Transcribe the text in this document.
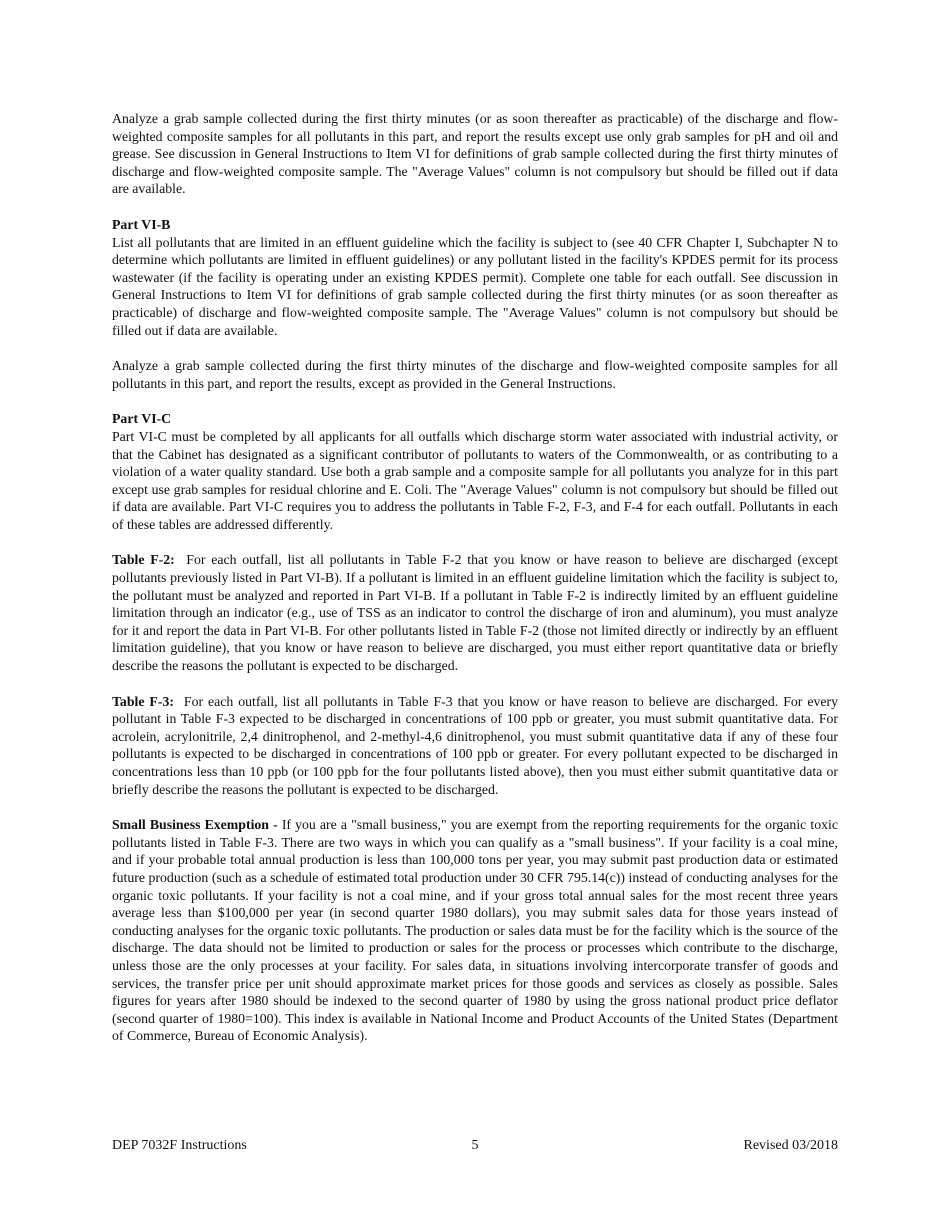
Analyze a grab sample collected during the first thirty minutes (or as soon thereafter as practicable) of the discharge and flow-weighted composite samples for all pollutants in this part, and report the results except use only grab samples for pH and oil and grease. See discussion in General Instructions to Item VI for definitions of grab sample collected during the first thirty minutes of discharge and flow-weighted composite sample. The "Average Values" column is not compulsory but should be filled out if data are available.

Part VI-B

List all pollutants that are limited in an effluent guideline which the facility is subject to (see 40 CFR Chapter I, Subchapter N to determine which pollutants are limited in effluent guidelines) or any pollutant listed in the facility's KPDES permit for its process wastewater (if the facility is operating under an existing KPDES permit). Complete one table for each outfall. See discussion in General Instructions to Item VI for definitions of grab sample collected during the first thirty minutes (or as soon thereafter as practicable) of discharge and flow-weighted composite sample. The "Average Values" column is not compulsory but should be filled out if data are available.

Analyze a grab sample collected during the first thirty minutes of the discharge and flow-weighted composite samples for all pollutants in this part, and report the results, except as provided in the General Instructions.

Part VI-C

Part VI-C must be completed by all applicants for all outfalls which discharge storm water associated with industrial activity, or that the Cabinet has designated as a significant contributor of pollutants to waters of the Commonwealth, or as contributing to a violation of a water quality standard. Use both a grab sample and a composite sample for all pollutants you analyze for in this part except use grab samples for residual chlorine and E. Coli. The "Average Values" column is not compulsory but should be filled out if data are available. Part VI-C requires you to address the pollutants in Table F-2, F-3, and F-4 for each outfall. Pollutants in each of these tables are addressed differently.

Table F-2: For each outfall, list all pollutants in Table F-2 that you know or have reason to believe are discharged (except pollutants previously listed in Part VI-B). If a pollutant is limited in an effluent guideline limitation which the facility is subject to, the pollutant must be analyzed and reported in Part VI-B. If a pollutant in Table F-2 is indirectly limited by an effluent guideline limitation through an indicator (e.g., use of TSS as an indicator to control the discharge of iron and aluminum), you must analyze for it and report the data in Part VI-B. For other pollutants listed in Table F-2 (those not limited directly or indirectly by an effluent limitation guideline), that you know or have reason to believe are discharged, you must either report quantitative data or briefly describe the reasons the pollutant is expected to be discharged.

Table F-3: For each outfall, list all pollutants in Table F-3 that you know or have reason to believe are discharged. For every pollutant in Table F-3 expected to be discharged in concentrations of 100 ppb or greater, you must submit quantitative data. For acrolein, acrylonitrile, 2,4 dinitrophenol, and 2-methyl-4,6 dinitrophenol, you must submit quantitative data if any of these four pollutants is expected to be discharged in concentrations of 100 ppb or greater. For every pollutant expected to be discharged in concentrations less than 10 ppb (or 100 ppb for the four pollutants listed above), then you must either submit quantitative data or briefly describe the reasons the pollutant is expected to be discharged.

Small Business Exemption - If you are a "small business," you are exempt from the reporting requirements for the organic toxic pollutants listed in Table F-3. There are two ways in which you can qualify as a "small business". If your facility is a coal mine, and if your probable total annual production is less than 100,000 tons per year, you may submit past production data or estimated future production (such as a schedule of estimated total production under 30 CFR 795.14(c)) instead of conducting analyses for the organic toxic pollutants. If your facility is not a coal mine, and if your gross total annual sales for the most recent three years average less than $100,000 per year (in second quarter 1980 dollars), you may submit sales data for those years instead of conducting analyses for the organic toxic pollutants. The production or sales data must be for the facility which is the source of the discharge. The data should not be limited to production or sales for the process or processes which contribute to the discharge, unless those are the only processes at your facility. For sales data, in situations involving intercorporate transfer of goods and services, the transfer price per unit should approximate market prices for those goods and services as closely as possible. Sales figures for years after 1980 should be indexed to the second quarter of 1980 by using the gross national product price deflator (second quarter of 1980=100). This index is available in National Income and Product Accounts of the United States (Department of Commerce, Bureau of Economic Analysis).

DEP 7032F Instructions	5	Revised 03/2018
